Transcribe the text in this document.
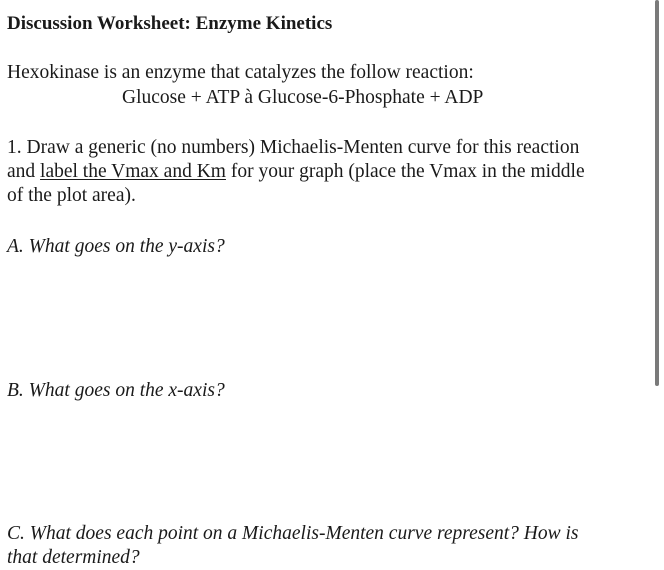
Discussion Worksheet: Enzyme Kinetics
Hexokinase is an enzyme that catalyzes the follow reaction:
Glucose + ATP à Glucose-6-Phosphate + ADP
1. Draw a generic (no numbers) Michaelis-Menten curve for this reaction
and label the Vmax and Km for your graph (place the Vmax in the middle
of the plot area).
A. What goes on the y-axis?
B. What goes on the x-axis?
C. What does each point on a Michaelis-Menten curve represent? How is
that determined?
